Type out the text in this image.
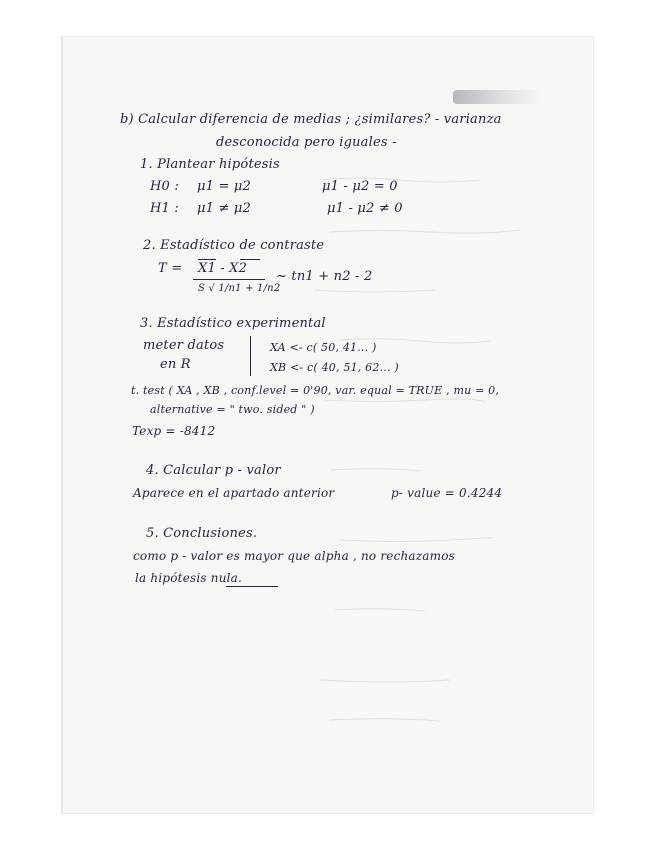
b) Calcular diferencia de medias ; ¿similares? - varianza
desconocida pero iguales -
1. Plantear hipótesis
H0 : μ1 = μ2	μ1 - μ2 = 0
H1 : μ1 ≠ μ2	μ1 - μ2 ≠ 0
2. Estadístico de contraste
T = X1 - X2
S √ 1/n1 + 1/n2
~ tn1 + n2 - 2
3. Estadístico experimental
meter datos
en R
XA <- c( 50, 41... )
XB <- c( 40, 51, 62... )
t. test ( XA , XB , conf.level = 0'90, var. equal = TRUE , mu = 0,
alternative = " two. sided " )
Texp = -8412
4. Calcular p - valor
Aparece en el apartado anterior	p- value = 0.4244
5. Conclusiones.
como p - valor es mayor que alpha , no rechazamos
la hipótesis nula.
